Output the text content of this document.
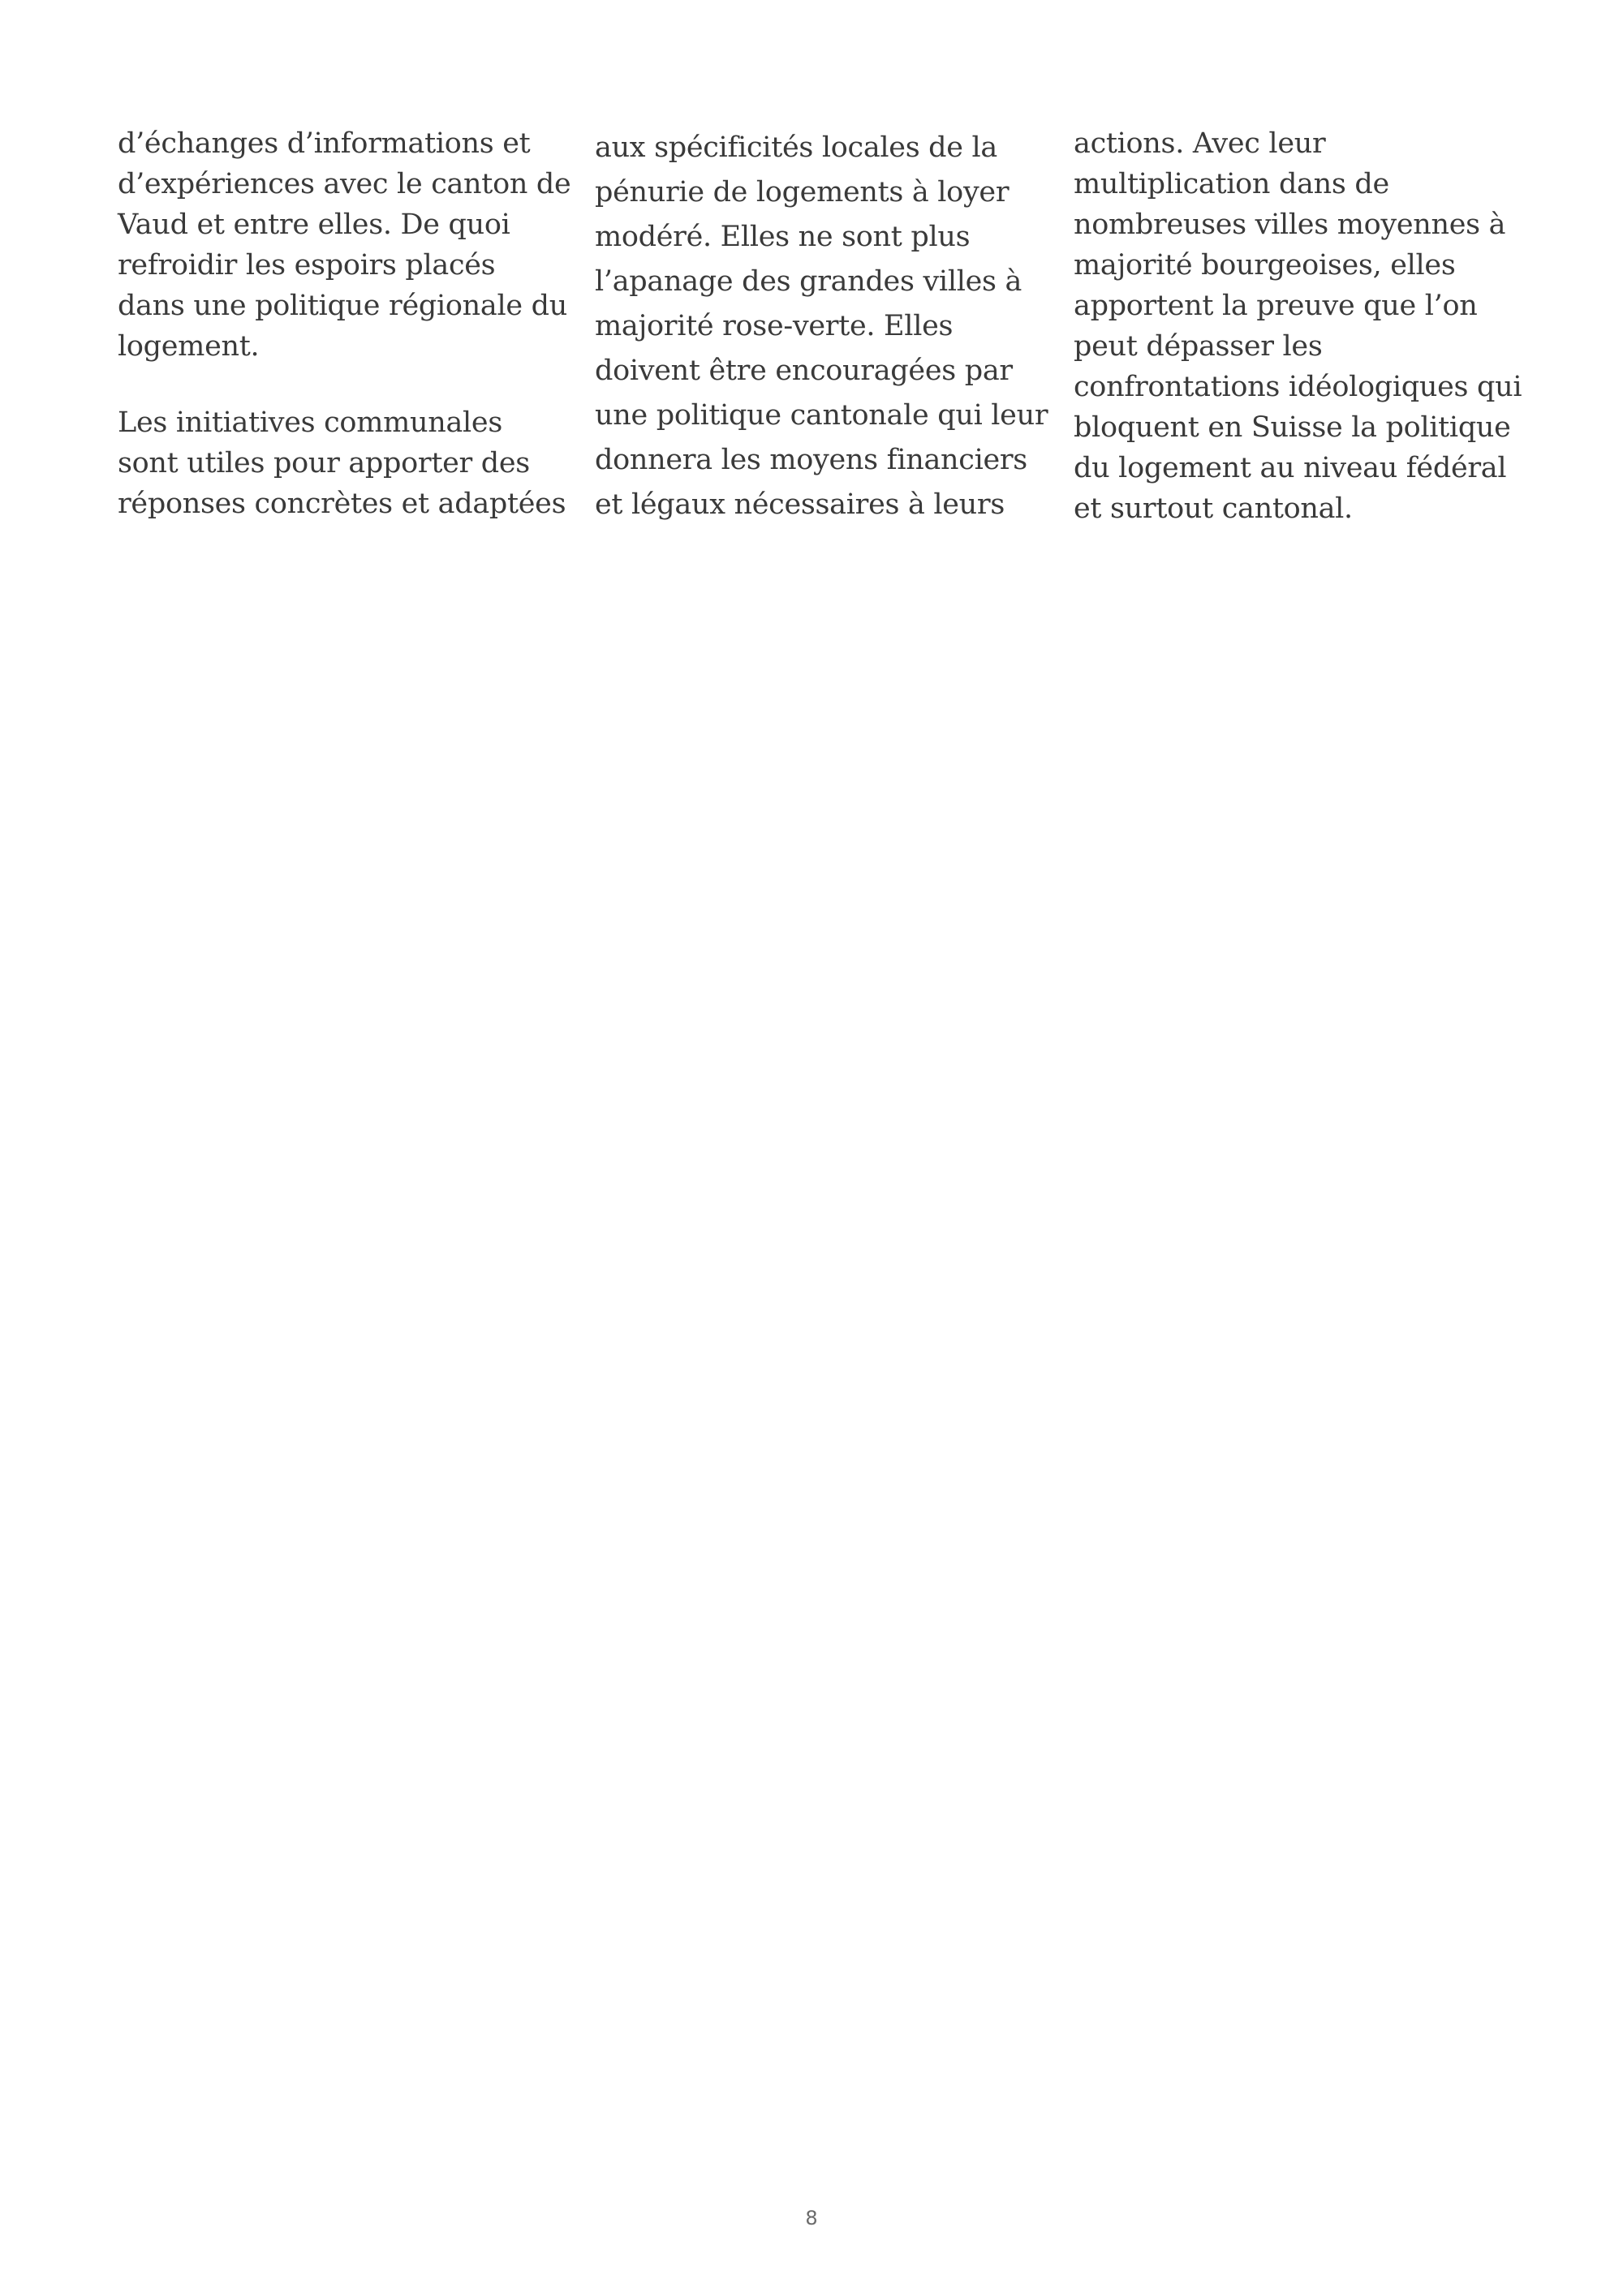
d’échanges d’informations et
d’expériences avec le canton de
Vaud et entre elles. De quoi
refroidir les espoirs placés
dans une politique régionale du
logement.
Les initiatives communales
sont utiles pour apporter des
réponses concrètes et adaptées
aux spécificités locales de la
pénurie de logements à loyer
modéré. Elles ne sont plus
l’apanage des grandes villes à
majorité rose-verte. Elles
doivent être encouragées par
une politique cantonale qui leur
donnera les moyens financiers
et légaux nécessaires à leurs
actions. Avec leur
multiplication dans de
nombreuses villes moyennes à
majorité bourgeoises, elles
apportent la preuve que l’on
peut dépasser les
confrontations idéologiques qui
bloquent en Suisse la politique
du logement au niveau fédéral
et surtout cantonal.
8
